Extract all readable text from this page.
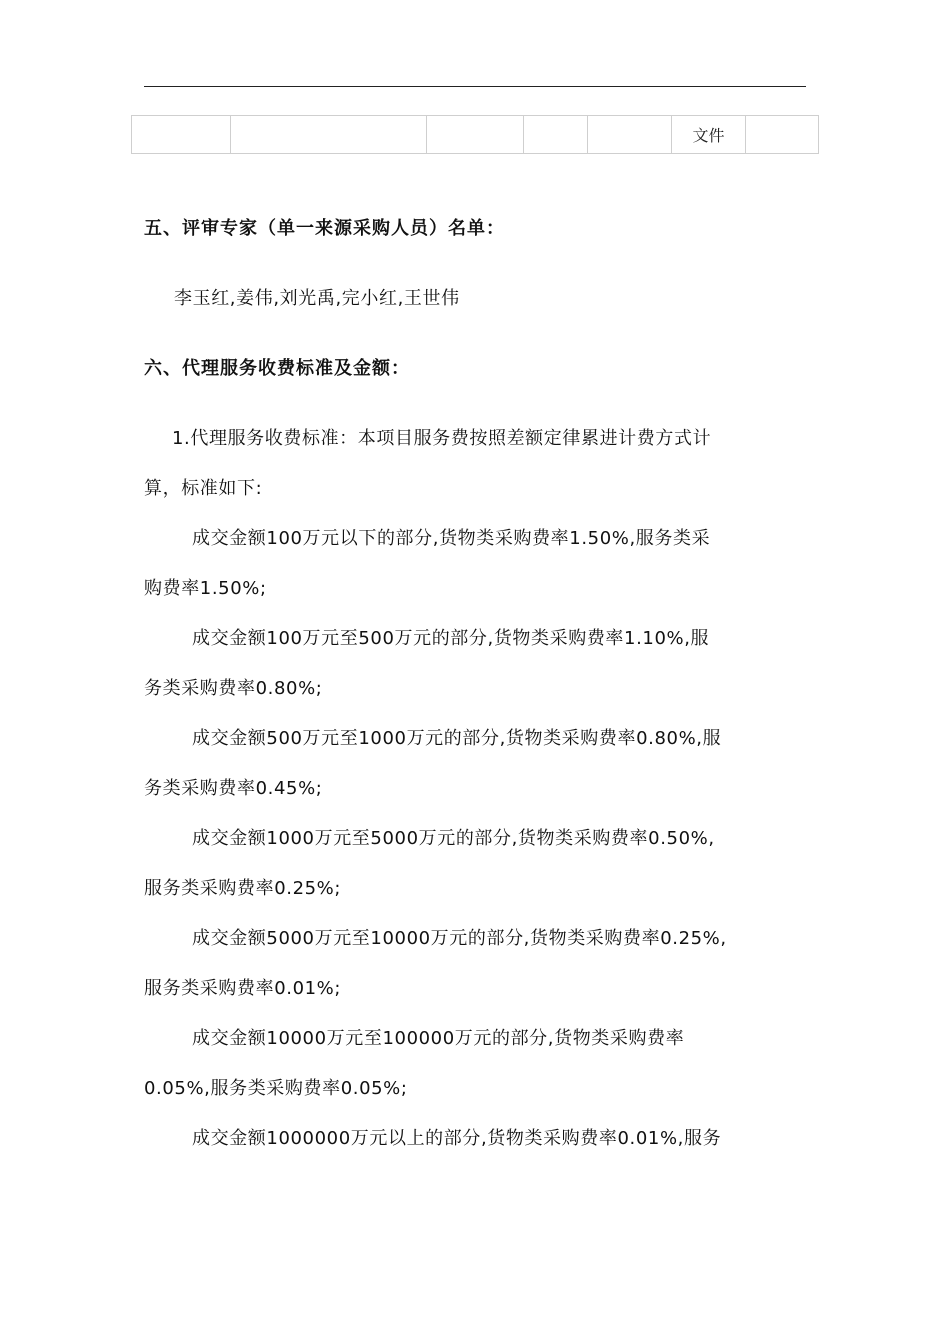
					文件	
五、评审专家（单一来源采购人员）名单：
李玉红,姜伟,刘光禹,完小红,王世伟
六、代理服务收费标准及金额：
1.代理服务收费标准：本项目服务费按照差额定律累进计费方式计
算，标准如下:
成交金额100万元以下的部分,货物类采购费率1.50%,服务类采
购费率1.50%;
成交金额100万元至500万元的部分,货物类采购费率1.10%,服
务类采购费率0.80%;
成交金额500万元至1000万元的部分,货物类采购费率0.80%,服
务类采购费率0.45%;
成交金额1000万元至5000万元的部分,货物类采购费率0.50%,
服务类采购费率0.25%;
成交金额5000万元至10000万元的部分,货物类采购费率0.25%,
服务类采购费率0.01%;
成交金额10000万元至100000万元的部分,货物类采购费率
0.05%,服务类采购费率0.05%;
成交金额1000000万元以上的部分,货物类采购费率0.01%,服务
